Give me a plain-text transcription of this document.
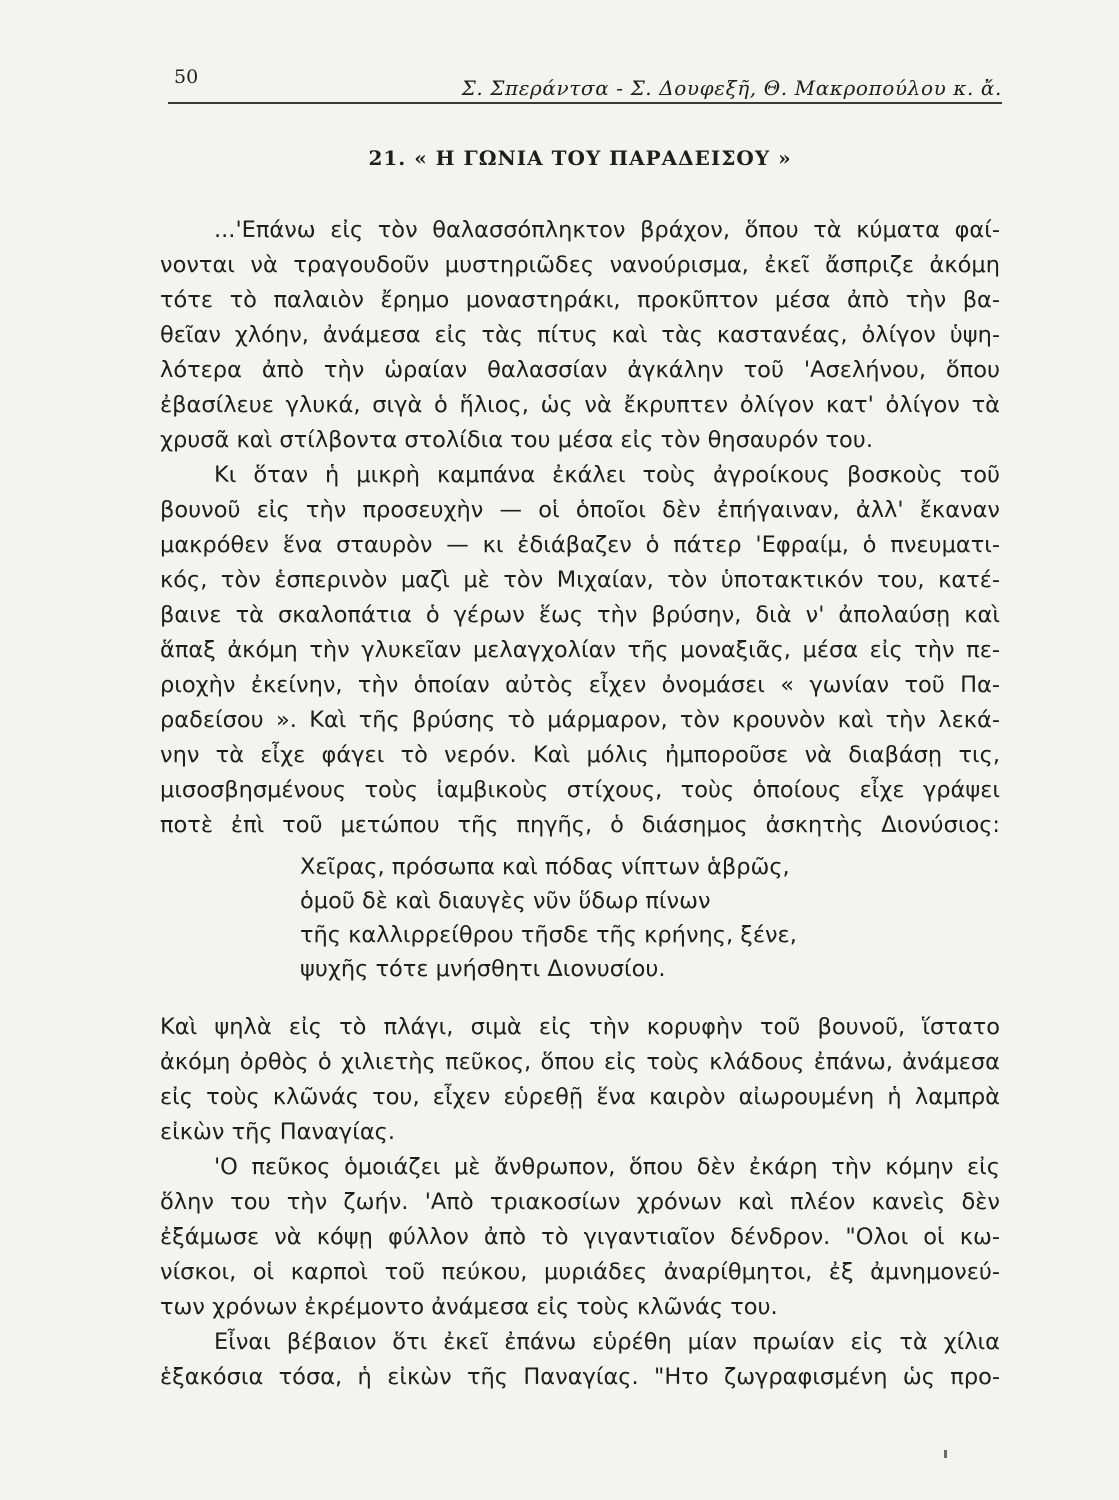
50	Σ. Σπεράντσα - Σ. Δουφεξῆ, Θ. Μακροπούλου κ. ἄ.
21. « Η ΓΩΝΙΑ ΤΟΥ ΠΑΡΑΔΕΙΣΟΥ »
...'Επάνω εἰς τὸν θαλασσόπληκτον βράχον, ὅπου τὰ κύματα φαί-
νονται νὰ τραγουδοῦν μυστηριῶδες νανούρισμα, ἐκεῖ ἄσπριζε ἀκόμη
τότε τὸ παλαιὸν ἔρημο μοναστηράκι, προκῦπτον μέσα ἀπὸ τὴν βα-
θεῖαν χλόην, ἀνάμεσα εἰς τὰς πίτυς καὶ τὰς καστανέας, ὀλίγον ὑψη-
λότερα ἀπὸ τὴν ὡραίαν θαλασσίαν ἀγκάλην τοῦ 'Ασελήνου, ὅπου
ἐβασίλευε γλυκά, σιγὰ ὁ ἥλιος, ὡς νὰ ἔκρυπτεν ὀλίγον κατ' ὀλίγον τὰ
χρυσᾶ καὶ στίλβοντα στολίδια του μέσα εἰς τὸν θησαυρόν του.
Κι ὅταν ἡ μικρὴ καμπάνα ἐκάλει τοὺς ἀγροίκους βοσκοὺς τοῦ
βουνοῦ εἰς τὴν προσευχὴν — οἱ ὁποῖοι δὲν ἐπήγαιναν, ἀλλ' ἔκαναν
μακρόθεν ἕνα σταυρὸν — κι ἐδιάβαζεν ὁ πάτερ 'Εφραίμ, ὁ πνευματι-
κός, τὸν ἑσπερινὸν μαζὶ μὲ τὸν Μιχαίαν, τὸν ὑποτακτικόν του, κατέ-
βαινε τὰ σκαλοπάτια ὁ γέρων ἕως τὴν βρύσην, διὰ ν' ἀπολαύσῃ καὶ
ἅπαξ ἀκόμη τὴν γλυκεῖαν μελαγχολίαν τῆς μοναξιᾶς, μέσα εἰς τὴν πε-
ριοχὴν ἐκείνην, τὴν ὁποίαν αὐτὸς εἶχεν ὀνομάσει « γωνίαν τοῦ Πα-
ραδείσου ». Καὶ τῆς βρύσης τὸ μάρμαρον, τὸν κρουνὸν καὶ τὴν λεκά-
νην τὰ εἶχε φάγει τὸ νερόν. Καὶ μόλις ἠμποροῦσε νὰ διαβάσῃ τις,
μισοσβησμένους τοὺς ἰαμβικοὺς στίχους, τοὺς ὁποίους εἶχε γράψει
ποτὲ ἐπὶ τοῦ μετώπου τῆς πηγῆς, ὁ διάσημος ἀσκητὴς Διονύσιος:
Χεῖρας, πρόσωπα καὶ πόδας νίπτων ἁβρῶς,
ὁμοῦ δὲ καὶ διαυγὲς νῦν ὕδωρ πίνων
τῆς καλλιρρείθρου τῆσδε τῆς κρήνης, ξένε,
ψυχῆς τότε μνήσθητι Διονυσίου.
Καὶ ψηλὰ εἰς τὸ πλάγι, σιμὰ εἰς τὴν κορυφὴν τοῦ βουνοῦ, ἵστατο
ἀκόμη ὀρθὸς ὁ χιλιετὴς πεῦκος, ὅπου εἰς τοὺς κλάδους ἐπάνω, ἀνάμεσα
εἰς τοὺς κλῶνάς του, εἶχεν εὑρεθῇ ἕνα καιρὸν αἰωρουμένη ἡ λαμπρὰ
εἰκὼν τῆς Παναγίας.
'Ο πεῦκος ὁμοιάζει μὲ ἄνθρωπον, ὅπου δὲν ἐκάρη τὴν κόμην εἰς
ὅλην του τὴν ζωήν. 'Απὸ τριακοσίων χρόνων καὶ πλέον κανεὶς δὲν
ἐξάμωσε νὰ κόψῃ φύλλον ἀπὸ τὸ γιγαντιαῖον δένδρον. "Ολοι οἱ κω-
νίσκοι, οἱ καρποὶ τοῦ πεύκου, μυριάδες ἀναρίθμητοι, ἐξ ἀμνημονεύ-
των χρόνων ἐκρέμοντο ἀνάμεσα εἰς τοὺς κλῶνάς του.
Εἶναι βέβαιον ὅτι ἐκεῖ ἐπάνω εὑρέθη μίαν πρωίαν εἰς τὰ χίλια
ἑξακόσια τόσα, ἡ εἰκὼν τῆς Παναγίας. "Ητο ζωγραφισμένη ὡς προ-
